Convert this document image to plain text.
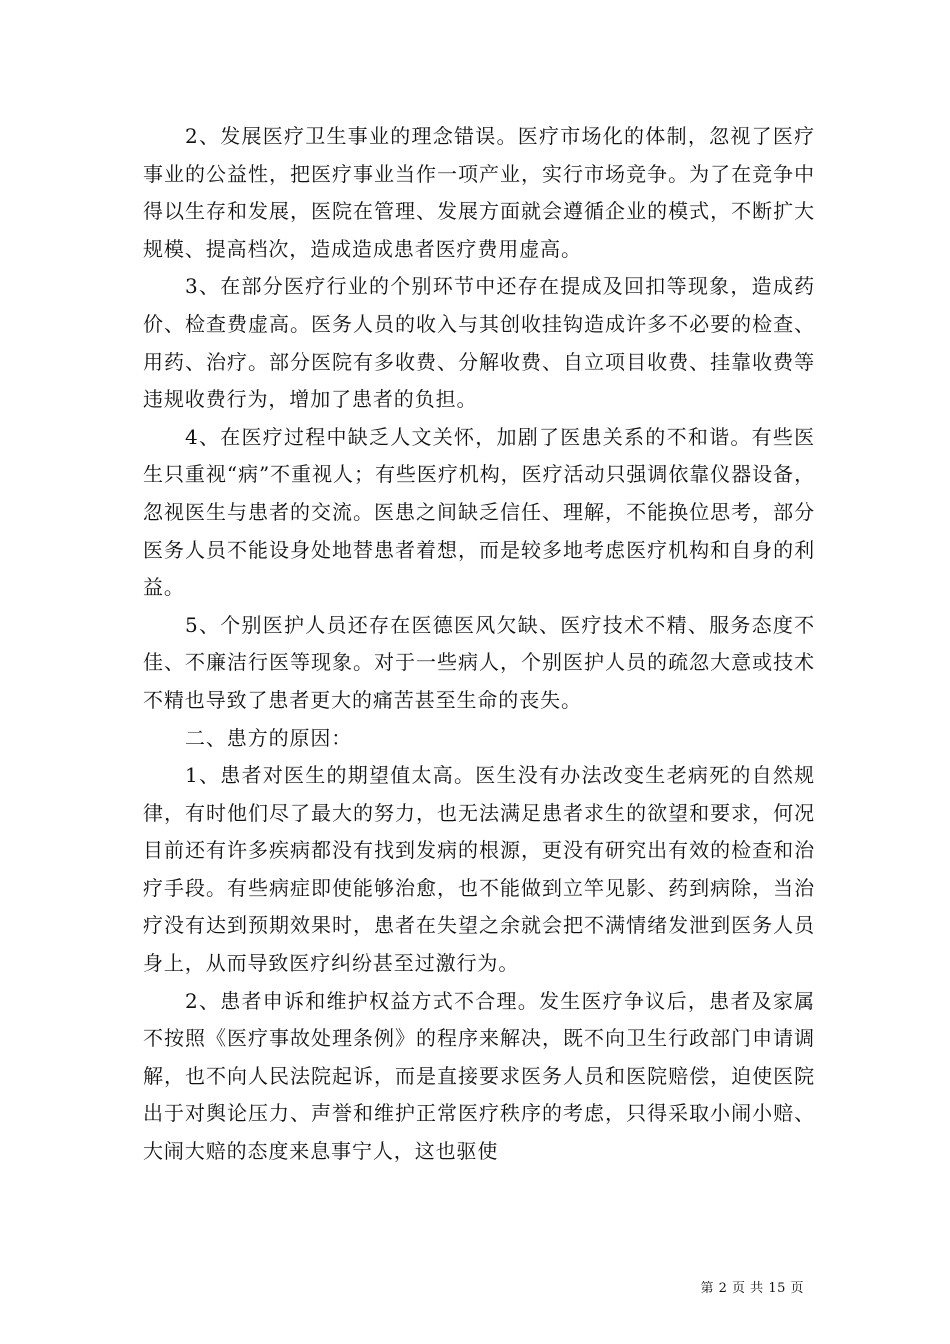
2、发展医疗卫生事业的理念错误。医疗市场化的体制，忽视了医疗事业的公益性，把医疗事业当作一项产业，实行市场竞争。为了在竞争中得以生存和发展，医院在管理、发展方面就会遵循企业的模式，不断扩大规模、提高档次，造成造成患者医疗费用虚高。

3、在部分医疗行业的个别环节中还存在提成及回扣等现象，造成药价、检查费虚高。医务人员的收入与其创收挂钩造成许多不必要的检查、用药、治疗。部分医院有多收费、分解收费、自立项目收费、挂靠收费等违规收费行为，增加了患者的负担。

4、在医疗过程中缺乏人文关怀，加剧了医患关系的不和谐。有些医生只重视“病”不重视人；有些医疗机构，医疗活动只强调依靠仪器设备，忽视医生与患者的交流。医患之间缺乏信任、理解，不能换位思考，部分医务人员不能设身处地替患者着想，而是较多地考虑医疗机构和自身的利益。

5、个别医护人员还存在医德医风欠缺、医疗技术不精、服务态度不佳、不廉洁行医等现象。对于一些病人，个别医护人员的疏忽大意或技术不精也导致了患者更大的痛苦甚至生命的丧失。

二、患方的原因：

1、患者对医生的期望值太高。医生没有办法改变生老病死的自然规律，有时他们尽了最大的努力，也无法满足患者求生的欲望和要求，何况目前还有许多疾病都没有找到发病的根源，更没有研究出有效的检查和治疗手段。有些病症即使能够治愈，也不能做到立竿见影、药到病除，当治疗没有达到预期效果时，患者在失望之余就会把不满情绪发泄到医务人员身上，从而导致医疗纠纷甚至过激行为。

2、患者申诉和维护权益方式不合理。发生医疗争议后，患者及家属不按照《医疗事故处理条例》的程序来解决，既不向卫生行政部门申请调解，也不向人民法院起诉，而是直接要求医务人员和医院赔偿，迫使医院出于对舆论压力、声誉和维护正常医疗秩序的考虑，只得采取小闹小赔、大闹大赔的态度来息事宁人，这也驱使

第 2 页 共 15 页
